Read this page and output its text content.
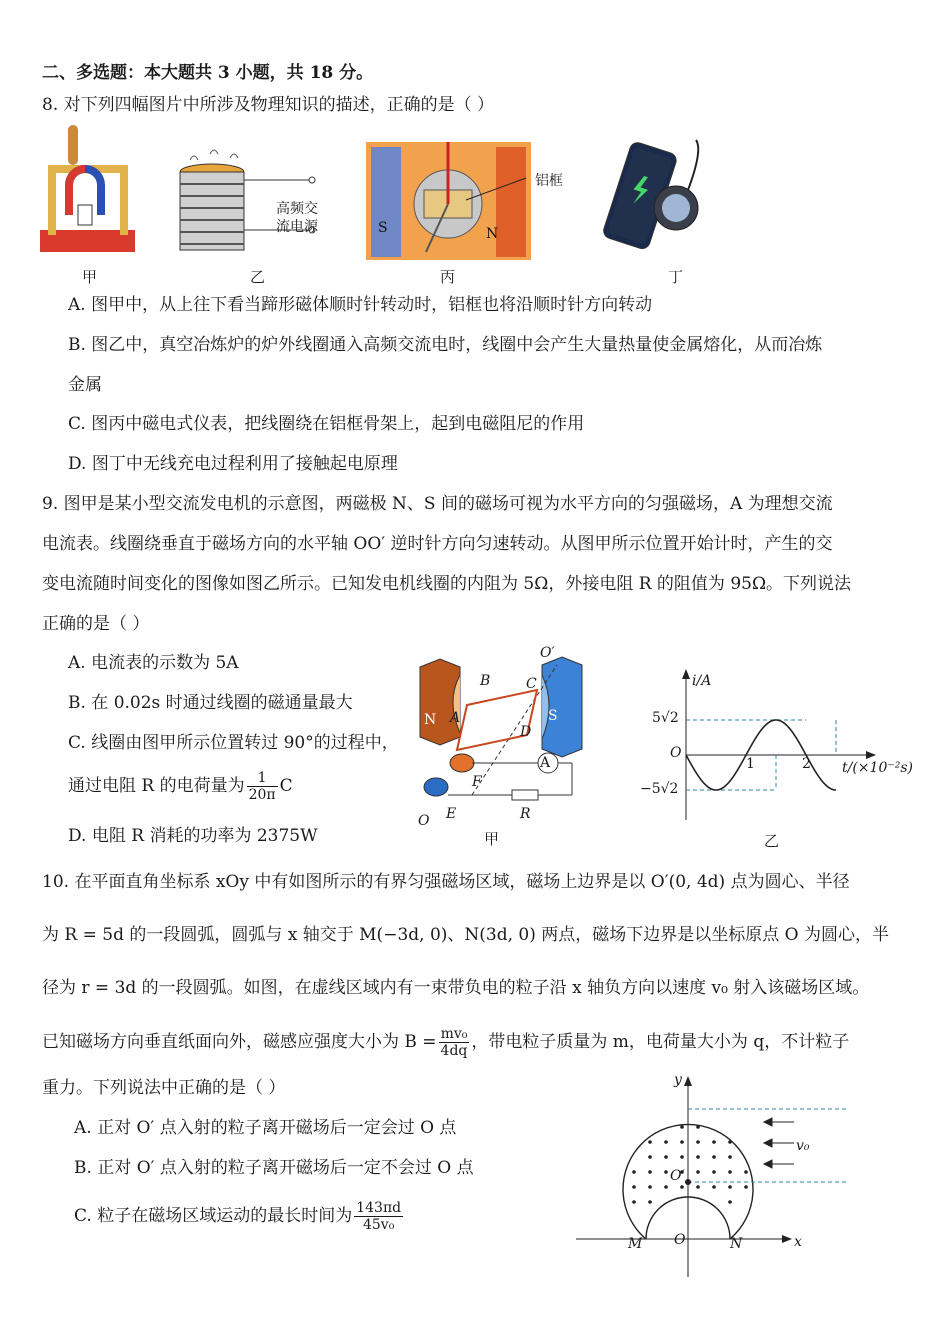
二、多选题：本大题共 3 小题，共 18 分。
8. 对下列四幅图片中所涉及物理知识的描述，正确的是（ ）
甲
高频交
流电源
乙
S	N
铝框
丙	丁
A. 图甲中，从上往下看当蹄形磁体顺时针转动时，铝框也将沿顺时针方向转动
B. 图乙中，真空冶炼炉的炉外线圈通入高频交流电时，线圈中会产生大量热量使金属熔化，从而冶炼
金属
C. 图丙中磁电式仪表，把线圈绕在铝框骨架上，起到电磁阻尼的作用
D. 图丁中无线充电过程利用了接触起电原理
9. 图甲是某小型交流发电机的示意图，两磁极 N、S 间的磁场可视为水平方向的匀强磁场，A 为理想交流
电流表。线圈绕垂直于磁场方向的水平轴 OO′ 逆时针方向匀速转动。从图甲所示位置开始计时，产生的交
变电流随时间变化的图像如图乙所示。已知发电机线圈的内阻为 5Ω，外接电阻 R 的阻值为 95Ω。下列说法
正确的是（ ）
A. 电流表的示数为 5A
B. 在 0.02s 时通过线圈的磁通量最大
C. 线圈由图甲所示位置转过 90°的过程中，
通过电阻 R 的电荷量为 $\frac{1}{20\pi}$ C
D. 电阻 R 消耗的功率为 2375W
O′
B	C
A
D
N	S
F
A
E
O	R
甲
i/A
5√2
O
−5√2
1	2 t/(×10⁻²s)
乙
10. 在平面直角坐标系 xOy 中有如图所示的有界匀强磁场区域，磁场上边界是以 O′(0, 4d) 点为圆心、半径
为 R = 5d 的一段圆弧，圆弧与 x 轴交于 M(−3d, 0)、N(3d, 0) 两点，磁场下边界是以坐标原点 O 为圆心，半
径为 r = 3d 的一段圆弧。如图，在虚线区域内有一束带负电的粒子沿 x 轴负方向以速度 v₀ 射入该磁场区域。
已知磁场方向垂直纸面向外，磁感应强度大小为 $B = \frac{\text{mv₀}}{4dq}$ ，带电粒子质量为 m，电荷量大小为 q，不计粒子
重力。下列说法中正确的是（ ）
A. 正对 O′ 点入射的粒子离开磁场后一定会过 O 点
B. 正对 O′ 点入射的粒子离开磁场后一定不会过 O 点
C. 粒子在磁场区域运动的最长时间为 $\frac{143\pi d}{\text{45v₀}}$
y
v₀
O′
M O	N	x
